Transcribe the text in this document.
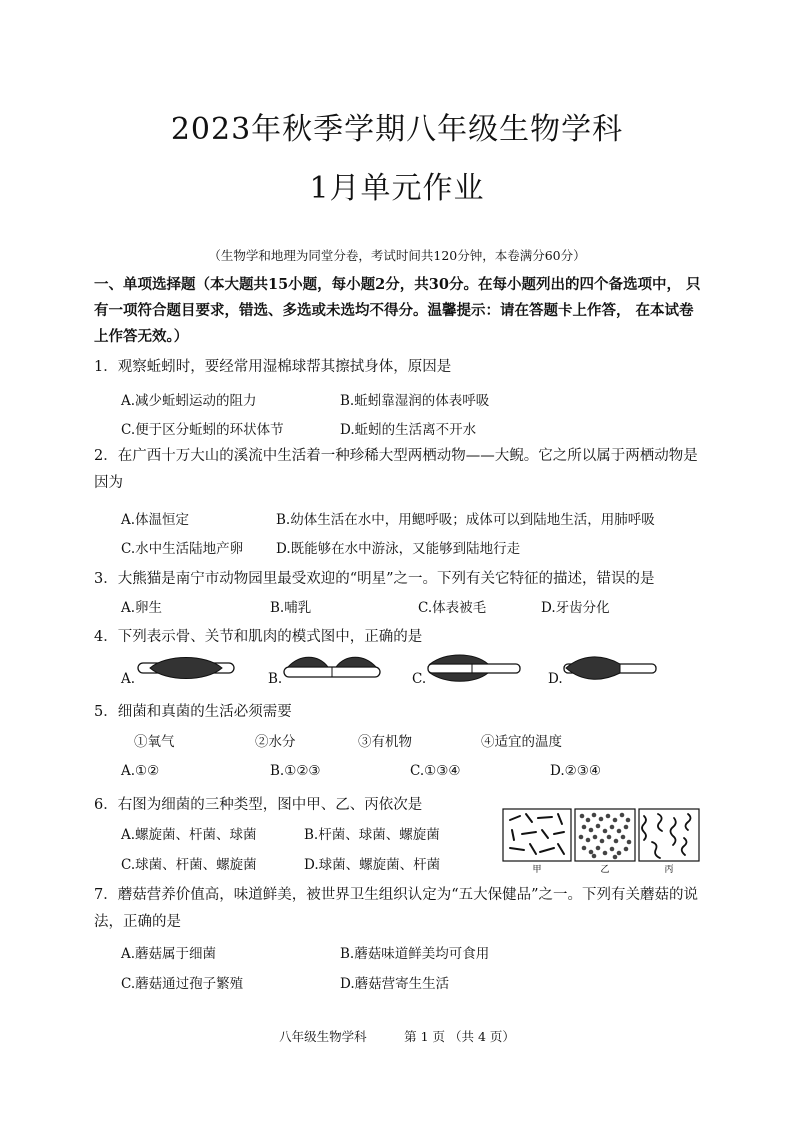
2023年秋季学期八年级生物学科
1月单元作业
（生物学和地理为同堂分卷，考试时间共120分钟，本卷满分60分）
一、单项选择题（本大题共15小题，每小题2分，共30分。在每小题列出的四个备选项中， 只有一项符合题目要求，错选、多选或未选均不得分。温馨提示：请在答题卡上作答， 在本试卷上作答无效。）
1．观察蚯蚓时，要经常用湿棉球帮其擦拭身体，原因是
A.减少蚯蚓运动的阻力	B.蚯蚓靠湿润的体表呼吸
C.便于区分蚯蚓的环状体节	D.蚯蚓的生活离不开水
2．在广西十万大山的溪流中生活着一种珍稀大型两栖动物——大鲵。它之所以属于两栖动物是因为
A.体温恒定	B.幼体生活在水中，用鳃呼吸；成体可以到陆地生活，用肺呼吸
C.水中生活陆地产卵 D.既能够在水中游泳，又能够到陆地行走
3．大熊猫是南宁市动物园里最受欢迎的“明星”之一。下列有关它特征的描述，错误的是
A.卵生	B.哺乳	C.体表被毛	D.牙齿分化
4．下列表示骨、关节和肌肉的模式图中，正确的是
A.	B.	C.	D.
5．细菌和真菌的生活必须需要
①氧气	②水分	③有机物	④适宜的温度
A.①②	B.①②③	C.①③④	D.②③④
6．右图为细菌的三种类型，图中甲、乙、丙依次是
A.螺旋菌、杆菌、球菌	B.杆菌、球菌、螺旋菌
C.球菌、杆菌、螺旋菌	D.球菌、螺旋菌、杆菌	甲	乙	丙
7．蘑菇营养价值高，味道鲜美，被世界卫生组织认定为“五大保健品”之一。下列有关蘑菇的说法，正确的是
A.蘑菇属于细菌	B.蘑菇味道鲜美均可食用
C.蘑菇通过孢子繁殖	D.蘑菇营寄生生活
八年级生物学科　　　第 1 页 （共 4 页）
